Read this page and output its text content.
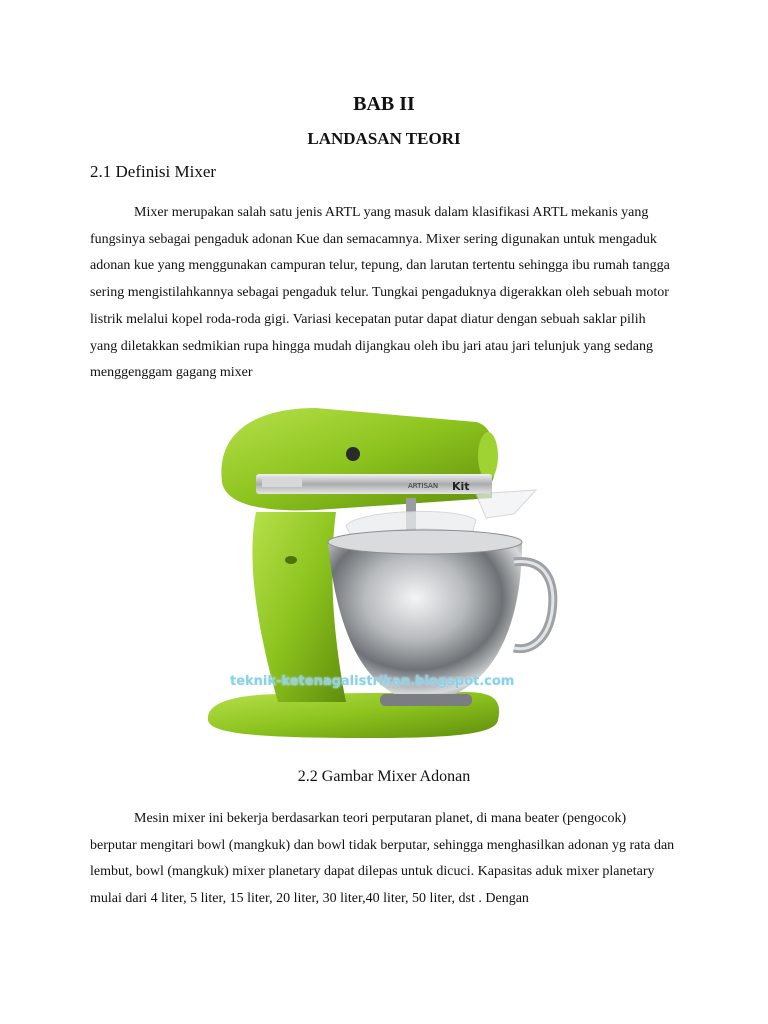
BAB II
LANDASAN TEORI
2.1 Definisi Mixer

Mixer merupakan salah satu jenis ARTL yang masuk dalam klasifikasi ARTL mekanis yang fungsinya sebagai pengaduk adonan Kue dan semacamnya. Mixer sering digunakan untuk mengaduk adonan kue yang menggunakan campuran telur, tepung, dan larutan tertentu sehingga ibu rumah tangga sering mengistilahkannya sebagai pengaduk telur. Tungkai pengaduknya digerakkan oleh sebuah motor listrik melalui kopel roda-roda gigi. Variasi kecepatan putar dapat diatur dengan sebuah saklar pilih yang diletakkan sedmikian rupa hingga mudah dijangkau oleh ibu jari atau jari telunjuk yang sedang menggenggam gagang mixer

ARTISAN Kit
teknik-ketenagalistrikan.blogspot.com

2.2 Gambar Mixer Adonan

Mesin mixer ini bekerja berdasarkan teori perputaran planet, di mana beater (pengocok) berputar mengitari bowl (mangkuk) dan bowl tidak berputar, sehingga menghasilkan adonan yg rata dan lembut, bowl (mangkuk) mixer planetary dapat dilepas untuk dicuci. Kapasitas aduk mixer planetary mulai dari 4 liter, 5 liter, 15 liter, 20 liter, 30 liter,40 liter, 50 liter, dst . Dengan
